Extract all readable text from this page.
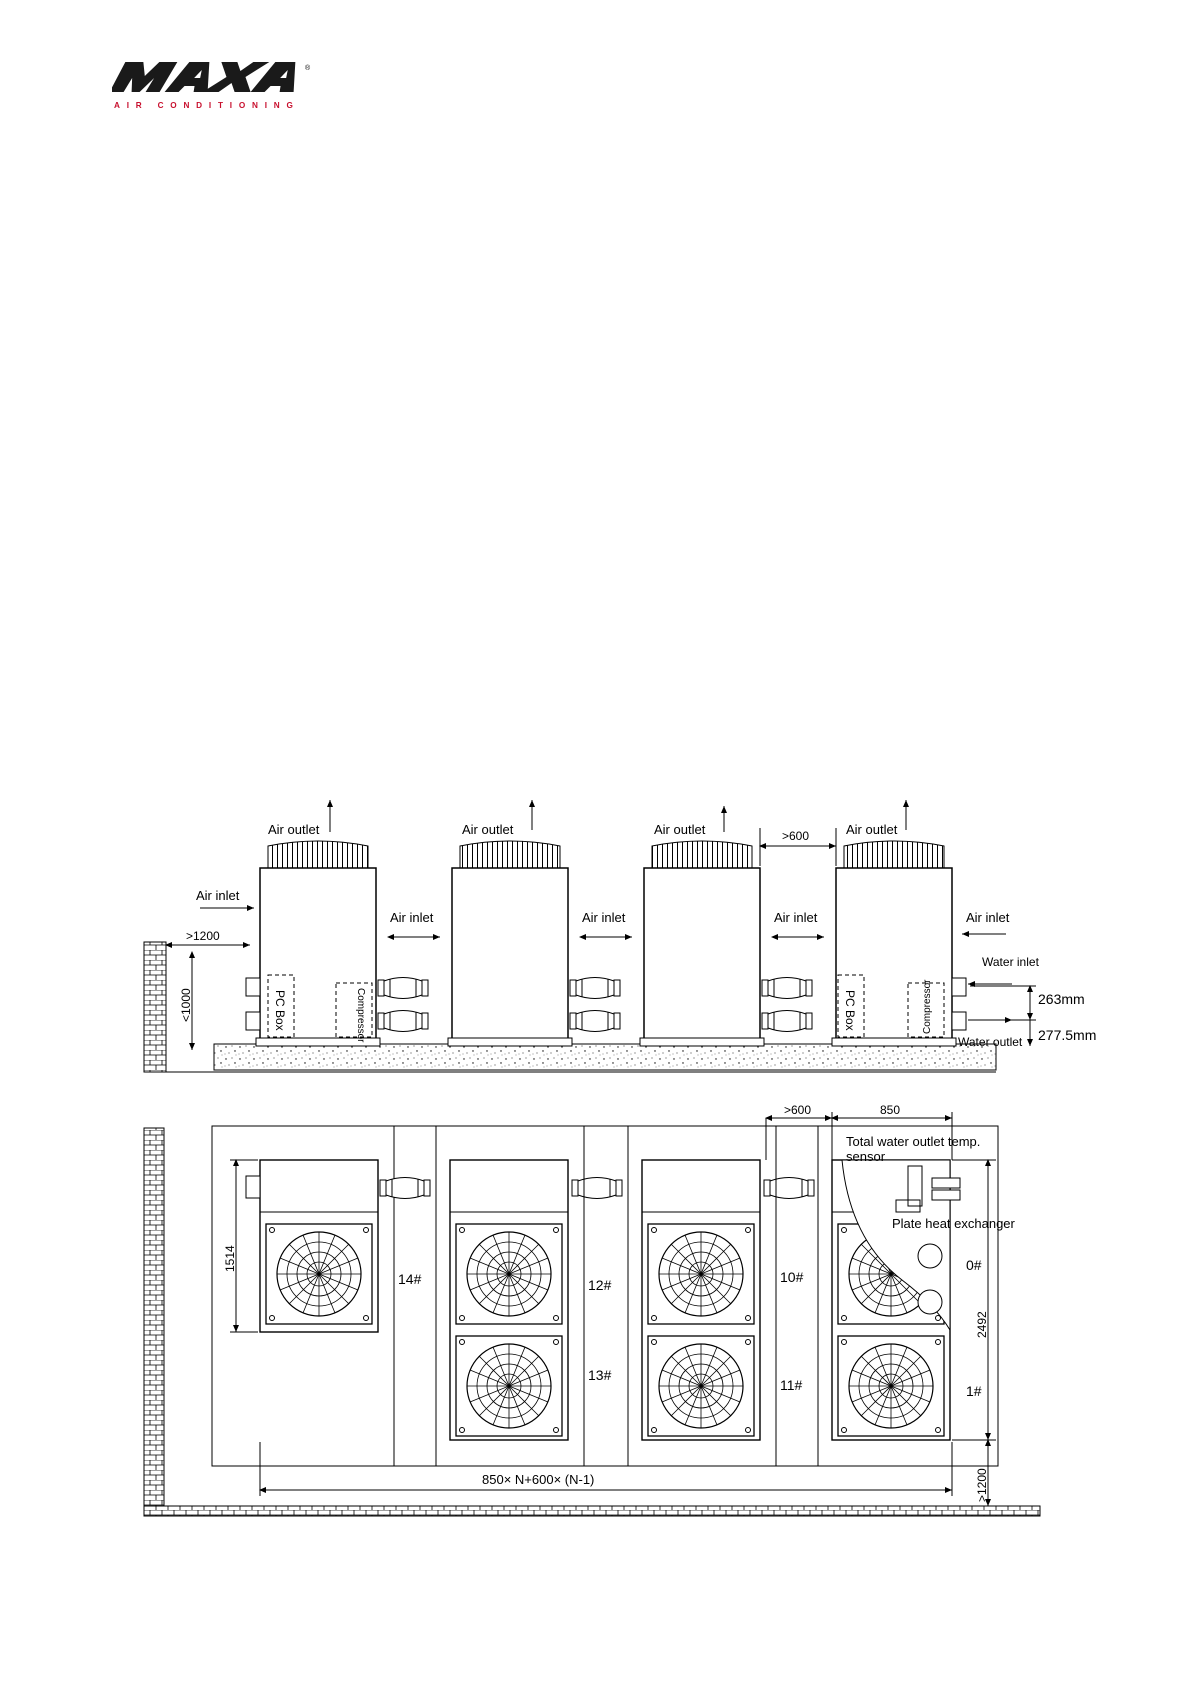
®
AIR CONDITIONING
PC Box	Compressor	PC Box	Compressor
Air outlet	Air outlet	Air outlet	Air outlet
>600
Air inlet
Air inlet	Air inlet	Air inlet	Air inlet
>1200
<1000
Water inlet
Water outlet
263mm
277.5mm
14#	12#
13#
10#
11#
0#
1#
Total water outlet temp.
sensor
Plate heat exchanger
>600	850
1514
2492
>1200
850× N+600× (N-1)
